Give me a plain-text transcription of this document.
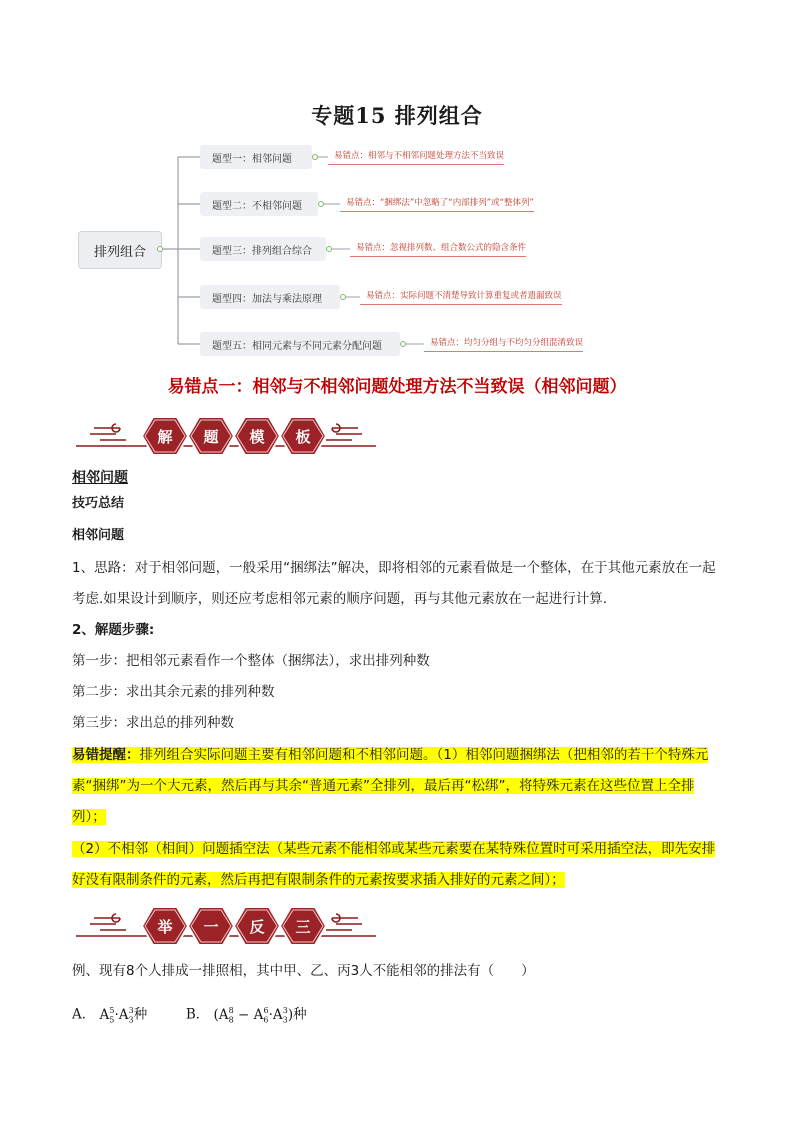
专题15 排列组合
排列组合
题型一：相邻问题	易错点：相邻与不相邻问题处理方法不当致误
题型二：不相邻问题	易错点：“捆绑法”中忽略了“内部排列”或“整体列”
题型三：排列组合综合	易错点：忽视排列数、组合数公式的隐含条件
题型四：加法与乘法原理	易错点：实际问题不清楚导致计算重复或者遗漏致误
题型五：相同元素与不同元素分配问题	易错点：均匀分组与不均匀分组混淆致误
易错点一：相邻与不相邻问题处理方法不当致误（相邻问题）
解 题 模 板
相邻问题
技巧总结
相邻问题
1、思路：对于相邻问题，一般采用“捆绑法”解决，即将相邻的元素看做是一个整体，在于其他元素放在一起考虑.如果设计到顺序，则还应考虑相邻元素的顺序问题，再与其他元素放在一起进行计算.
2、解题步骤:
第一步：把相邻元素看作一个整体（捆绑法），求出排列种数
第二步：求出其余元素的排列种数
第三步：求出总的排列种数
易错提醒：排列组合实际问题主要有相邻问题和不相邻问题。（1）相邻问题捆绑法（把相邻的若干个特殊元素“捆绑”为一个大元素，然后再与其余“普通元素”全排列，最后再“松绑”，将特殊元素在这些位置上全排列）；
（2）不相邻（相间）问题插空法（某些元素不能相邻或某些元素要在某特殊位置时可采用插空法，即先安排好没有限制条件的元素，然后再把有限制条件的元素按要求插入排好的元素之间）；
举 一 反 三
例、现有8个人排成一排照相，其中甲、乙、丙3人不能相邻的排法有（　　）
A． $A_5^5\cdot A_3^3$种	B． $(A_8^8 - A_6^6\cdot A_3^3)$种
